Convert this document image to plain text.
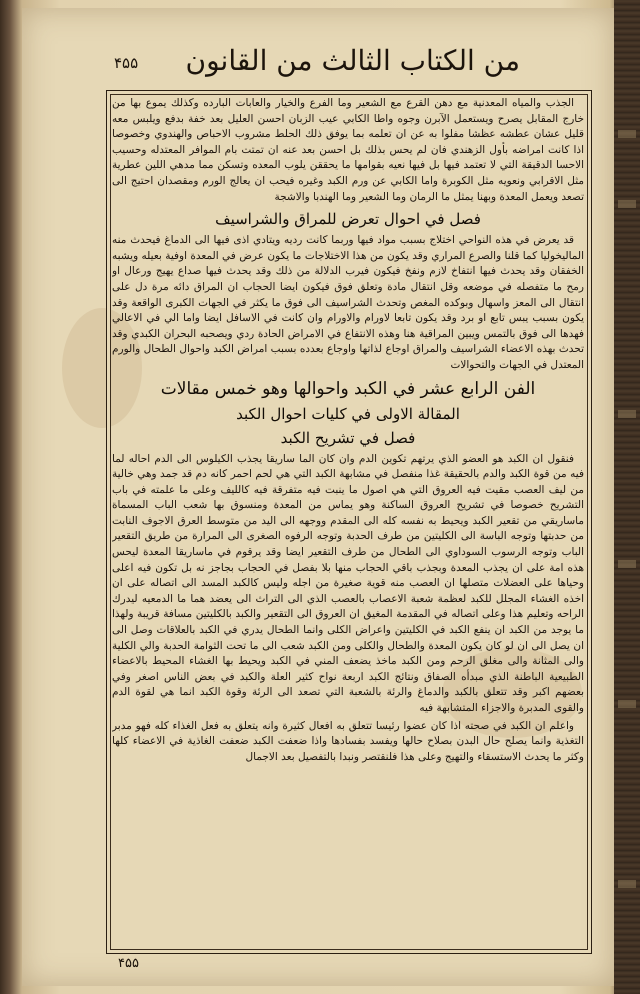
من الكتاب الثالث من القانون
۴۵۵

الجذب والمياه المعدنية مع دهن القرع مع الشعير وما الفرع والخيار والعابات البارده وكذلك يموع بها من خارج المقابل يصرح ويستعمل الآبرن وجوه واطا الكابي عيب الزبان احسن العليل بعد خفة بدفع ويلبس معه قليل عشان عطشه عظشا مفلوا به عن ان تعلمه بما يوفق ذلك الحلط مشروب الاحباص والهندوي وخصوصا اذا كانت امراضه بأول الزهندي فان لم يحس بذلك بل احسن بعد عنه ان تمتت بام الموافر المعتدله وحسيب الاحسا الدقيقة التي لا تعتمد فيها بل فيها نعيه بقوامها ما يحققن يلوب المعده وتسكن مما مدهي اللين عطرية مثل الاقرابي ونعويه مثل الكوبرة واما الكابي عن ورم الكبد وغيره فيحب ان يعالج الورم ومقصدان احتيج الى تصعد ويعمل المعدة وبهنا يمثل ما الرمان وما الشعير وما الهندبا والاشجة

فصل في احوال تعرض للمراق والشراسيف

قد يعرض في هذه النواحي اختلاج بسبب مواد فيها وربما كانت رديه ويتادي اذى فيها الى الدماغ فيحدث منه الماليخوليا كما قلنا والصرع المراري وقد يكون من هذا الاختلاجات ما يكون عرض في المعدة اوفية بعيله ويشبه الخفقان وقد يحدث فيها انتفاخ لازم ونفخ فيكون فيرب الدلالة من ذلك وقد يحدث فيها صداع يهيج ورعال او رمح ما متفصله في موضعه وقل انتقال مادة وتعلق فوق فيكون ايضا الحجاب ان المراق دائه مرة دل على انتقال الى المعز واسهال وبوكده المغص وتحدث الشراسيف الى فوق ما يكثر في الجهات الكبرى الواقعة وقد يكون بسبب يبس تابع او برد وقد يكون تابعا لاورام والاورام وان كانت في الاسافل ايضا واما الي في الاعالي فهدها الى فوق بالتمس ويبين المراقية هنا وهذه الانتفاع في الامراض الحادة ردي ويصحبه البحران الكبدي وقد تحدث بهذه الاعضاء الشراسيف والمراق اوجاع لذاتها واوجاع بعدده بسبب امراض الكبد واحوال الطحال والورم المعتدل في الجهات والتحوالات

الفن الرابع عشر في الكبد واحوالها وهو خمس مقالات
المقالة الاولى في كليات احوال الكبد
فصل في تشريح الكبد

فنقول ان الكبد هو العضو الذي يرتهم تكوين الدم وان كان الما ساريقا يجذب الكيلوس الى الدم احاله لما فيه من قوة الكبد والدم بالحقيقة غذا منفصل في مشابهة الكبد التي هي لحم احمر كانه دم قد جمد وهي خالية من ليف العصب مقيت فيه العروق التي هي اصول ما ينبت فيه متفرقة فيه كالليف وعلى ما علمته في باب التشريح خصوصا في تشريح العروق الساكنة وهو يماس من المعدة ومنسوق بها شعب الباب المسماة ماساريقي من تقعير الكبد ويحيط به نفسه كله الى المقدم ووجهه الى اليد من متوسط العرق الاجوف النابت من حدبتها وتوجه الباسة الى الكليتين من طرف الحدبة وتوجه الرفوه الصغرى الى المرارة من طريق التقعير الباب وتوجه الرسوب السوداوي الى الطحال من طرف التقعير ايضا وقد يرقوم في ماساريقا المعدة ليحس هذه امة على ان يجذب المعدة وبجذب باقي الحجاب منها بلا بفصل في الحجاب بجاجز نه بل تكون فيه اعلى وحياها على العضلات متصلها ان العصب منه قوية صغيرة من اجله وليس كالكبد المسد الى اتصاله على ان اخذه الغشاء المجلل للكبد لعظمة شعبة الاعصاب بالعصب الذي الى التراث الى يعضد هما ما الدمعيه ليدرك الراحه وتعليم هذا وعلى اتصاله في المقدمة المغيق ان العروق الى التقعير والكبد بالكليتين مسافة قريبة ولهذا ما يوجد من الكبد ان ينفع الكبد في الكليتين واعراض الكلى وانما الطحال يدري في الكبد بالعلاقات وصل الى ان يصل الى ان لو كان يكون المعدة والطحال والكلى ومن الكبد شعب الى ما تحت الثوامة الحدبة والي الكلية والى المثانة والى مغلق الرحم ومن الكبد ماخذ يضعف المني في الكبد ويحيط بها الغشاء المحيط بالاعضاء الطبيعية الباطنة الذي مبدأه الصفاق ونتائج الكبد اربعة نواح كثير العلة والكبد في بعض الناس اصغر وفي بعضهم اكبر وقد تتعلق بالكبد والدماغ والرئة بالشعبة التي تصعد الى الرئة وقوة الكبد انما هي لقوة الدم والقوى المدبرة والاجزاء المتشابهة فيه

واعلم ان الكبد في صحته اذا كان عضوا رئيسا تتعلق به افعال كثيرة وانه يتعلق به فعل الغذاء كله فهو مدبر التغذية وانما يصلح حال البدن بصلاح حالها ويفسد بفسادها واذا ضعفت الكبد ضعفت الغاذية في الاعضاء كلها وكثر ما يحدث الاستسقاء والتهيج وعلى هذا فلنقتصر ونبدا بالتفصيل بعد الاجمال

۴۵۵
